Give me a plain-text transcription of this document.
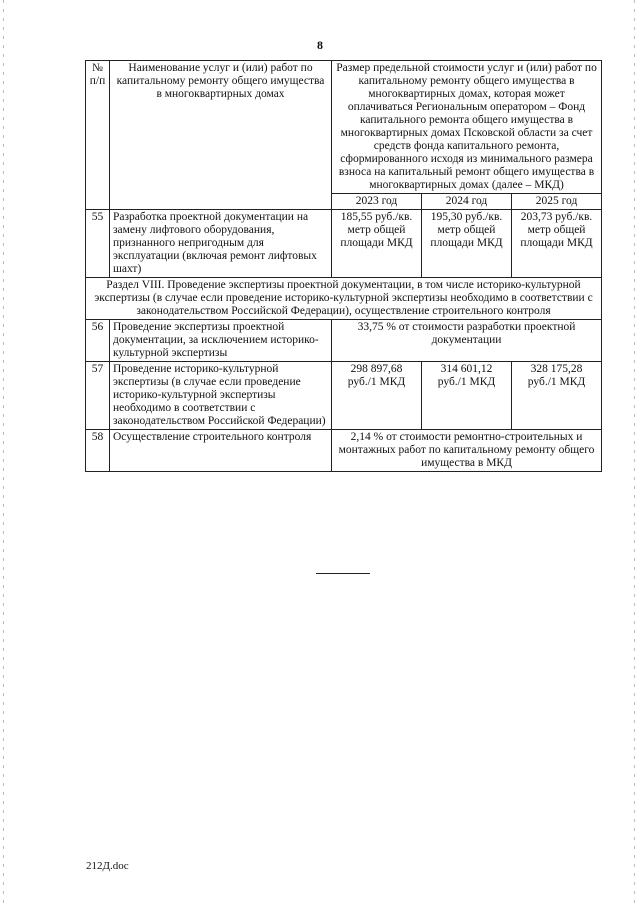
8
№ п/п	Наименование услуг и (или) работ по капитальному ремонту общего имущества в многоквартирных домах	Размер предельной стоимости услуг и (или) работ по капитальному ремонту общего имущества в многоквартирных домах, которая может оплачиваться Региональным оператором – Фонд капитального ремонта общего имущества в многоквартирных домах Псковской области за счет средств фонда капитального ремонта, сформированного исходя из минимального размера взноса на капитальный ремонт общего имущества в многоквартирных домах (далее – МКД)		
		2023 год	2024 год	2025 год
55	Разработка проектной документации на замену лифтового оборудования, признанного непригодным для эксплуатации (включая ремонт лифтовых шахт)	185,55 руб./кв. метр общей площади МКД	195,30 руб./кв. метр общей площади МКД	203,73 руб./кв. метр общей площади МКД
Раздел VIII. Проведение экспертизы проектной документации, в том числе историко-культурной экспертизы (в случае если проведение историко-культурной экспертизы необходимо в соответствии с законодательством Российской Федерации), осуществление строительного контроля				
56	Проведение экспертизы проектной документации, за исключением историко-культурной экспертизы	33,75 % от стоимости разработки проектной документации		
57	Проведение историко-культурной экспертизы (в случае если проведение историко-культурной экспертизы необходимо в соответствии с законодательством Российской Федерации)	298 897,68 руб./1 МКД	314 601,12 руб./1 МКД	328 175,28 руб./1 МКД
58	Осуществление строительного контроля	2,14 % от стоимости ремонтно-строительных и монтажных работ по капитальному ремонту общего имущества в МКД		
212Д.doc
